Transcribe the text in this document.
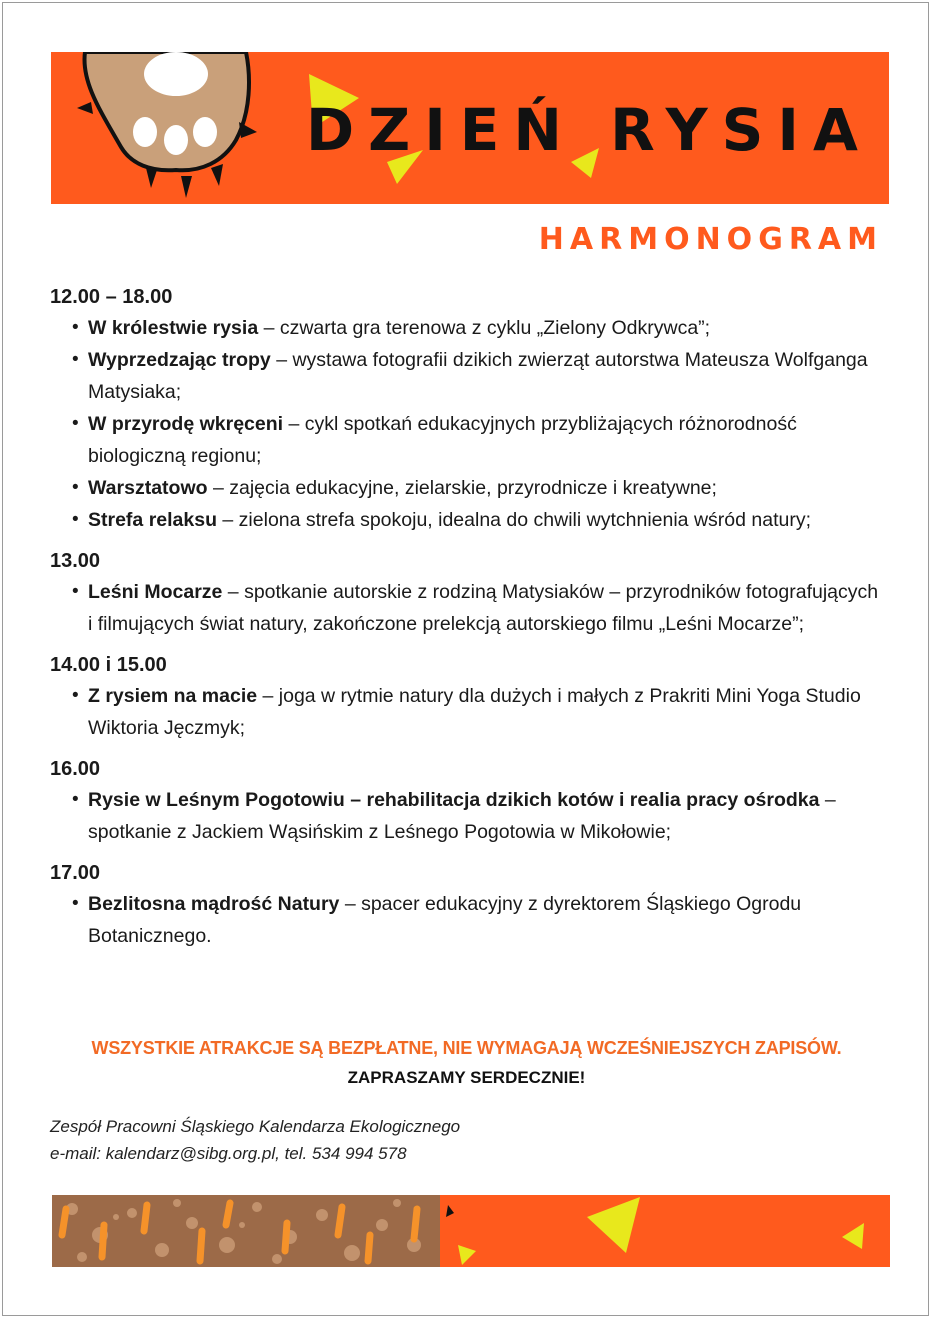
DZIEŃ RYSIA
HARMONOGRAM
12.00 – 18.00
• W królestwie rysia – czwarta gra terenowa z cyklu „Zielony Odkrywca”;
• Wyprzedzając tropy – wystawa fotografii dzikich zwierząt autorstwa Mateusza Wolfganga Matysiaka;
• W przyrodę wkręceni – cykl spotkań edukacyjnych przybliżających różnorodność biologiczną regionu;
• Warsztatowo – zajęcia edukacyjne, zielarskie, przyrodnicze i kreatywne;
• Strefa relaksu – zielona strefa spokoju, idealna do chwili wytchnienia wśród natury;
13.00
• Leśni Mocarze – spotkanie autorskie z rodziną Matysiaków – przyrodników fotografujących i filmujących świat natury, zakończone prelekcją autorskiego filmu „Leśni Mocarze”;
14.00 i 15.00
• Z rysiem na macie – joga w rytmie natury dla dużych i małych z Prakriti Mini Yoga Studio Wiktoria Jęczmyk;
16.00
• Rysie w Leśnym Pogotowiu – rehabilitacja dzikich kotów i realia pracy ośrodka – spotkanie z Jackiem Wąsińskim z Leśnego Pogotowia w Mikołowie;
17.00
• Bezlitosna mądrość Natury – spacer edukacyjny z dyrektorem Śląskiego Ogrodu Botanicznego.
WSZYSTKIE ATRAKCJE SĄ BEZPŁATNE, NIE WYMAGAJĄ WCZEŚNIEJSZYCH ZAPISÓW.
ZAPRASZAMY SERDECZNIE!
Zespół Pracowni Śląskiego Kalendarza Ekologicznego
e-mail: kalendarz@sibg.org.pl, tel. 534 994 578
